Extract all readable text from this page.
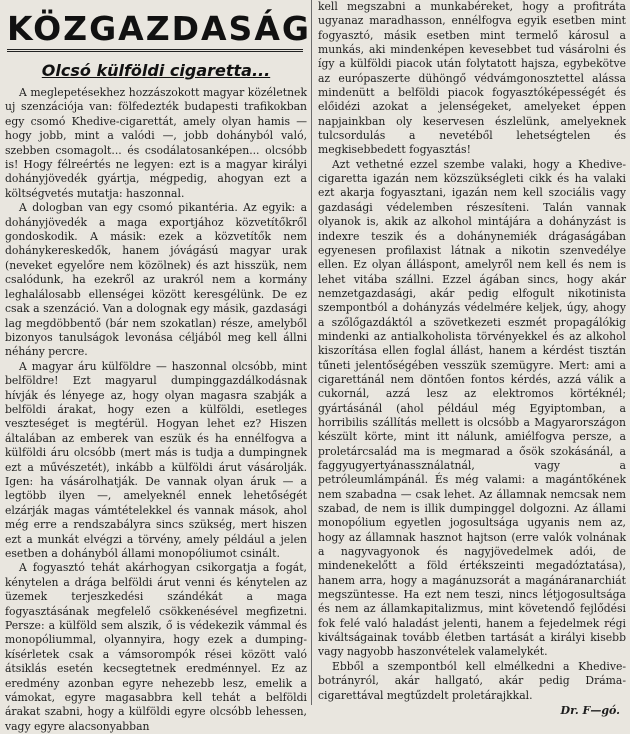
KÖZGAZDASÁG
Olcsó külföldi cigaretta...

A meglepetésekhez hozzászokott magyar közéletnek uj szenzációja van: fölfedezték budapesti trafikokban egy csomó Khedive-cigarettát, amely olyan hamis — hogy jobb, mint a valódi —, jobb dohányból való, szebben csomagolt... és csodálatosanképen... olcsóbb is! Hogy félreértés ne legyen: ezt is a magyar királyi dohányjövedék gyártja, mégpedig, ahogyan ezt a költségvetés mutatja: haszonnal.

A dologban van egy csomó pikantéria. Az egyik: a dohányjövedék a maga exportjához közvetítőkről gondoskodik. A másik: ezek a közvetítők nem dohánykereskedők, hanem jóvágású magyar urak (neveket egyelőre nem közölnek) és azt hisszük, nem csalódunk, ha ezekről az urakról nem a kormány leghalálosabb ellenségei között keresgélünk. De ez csak a szenzáció. Van a dolognak egy másik, gazdasági lag megdöbbentő (bár nem szokatlan) része, amelyből bizonyos tanulságok levonása céljából meg kell állni néhány percre.

A magyar áru külföldre — haszonnal olcsóbb, mint belföldre! Ezt magyarul dumpinggazdálkodásnak hívják és lényege az, hogy olyan magasra szabják a belföldi árakat, hogy ezen a külföldi, esetleges veszteséget is megtérül. Hogyan lehet ez? Hiszen általában az emberek van eszük és ha ennélfogva a külföldi áru olcsóbb (mert más is tudja a dumpingnek ezt a művészetét), inkább a külföldi árut vásárolják. Igen: ha vásárolhatják. De vannak olyan áruk — a legtöbb ilyen —, amelyeknél ennek lehetőségét elzárják magas vámtételekkel és vannak mások, ahol még erre a rendszabályra sincs szükség, mert hiszen ezt a munkát elvégzi a törvény, amely például a jelen esetben a dohányból állami monopóliumot csinált.

A fogyasztó tehát akárhogyan csikorgatja a fogát, kénytelen a drága belföldi árut venni és kénytelen az üzemek terjeszkedési szándékát a maga fogyasztásának megfelelő csökkenésével megfizetni. Persze: a külföld sem alszik, ő is védekezik vámmal és monopóliummal, olyannyira, hogy ezek a dumping-kísérletek csak a vámsorompók rései között való átsiklás esetén kecsegtetnek eredménnyel. Ez az eredmény azonban egyre nehezebb lesz, emelik a vámokat, egyre magasabbra kell tehát a belföldi árakat szabni, hogy a külföldi egyre olcsóbb lehessen, vagy egyre alacsonyabban

kell megszabni a munkabéreket, hogy a profitráta ugyanaz maradhasson, ennélfogva egyik esetben mint fogyasztó, másik esetben mint termelő károsul a munkás, aki mindenképen kevesebbet tud vásárolni és így a külföldi piacok után folytatott hajsza, egybekötve az európaszerte dühöngő védvámgonosztettel alássa mindenütt a belföldi piacok fogyasztóképességét és előidézi azokat a jelenségeket, amelyeket éppen napjainkban oly keservesen észlelünk, amelyeknek tulcsordulás a nevetéből lehetségtelen és megkisebbedett fogyasztás!

Azt vethetné ezzel szembe valaki, hogy a Khedive-cigaretta igazán nem közszükségleti cikk és ha valaki ezt akarja fogyasztani, igazán nem kell szociális vagy gazdasági védelemben részesíteni. Talán vannak olyanok is, akik az alkohol mintájára a dohányzást is indexre teszik és a dohánynemiék drágaságában egyenesen profilaxist látnak a nikotin szenvedélye ellen. Ez olyan álláspont, amelyről nem kell és nem is lehet vitába szállni. Ezzel ágában sincs, hogy akár nemzetgazdasági, akár pedig elfogult nikotinista szempontból a dohányzás védelmére keljek, úgy, ahogy a szőlőgazdáktól a szövetkezeti eszmét propagálókig mindenki az antialkoholista törvényekkel és az alkohol kiszorítása ellen foglal állást, hanem a kérdést tisztán tűneti jelentőségében vesszük szemügyre. Mert: ami a cigarettánál nem döntően fontos kérdés, azzá válik a cukornál, azzá lesz az elektromos körtéknél; gyártásánál (ahol például még Egyiptomban, a horribilis szállítás mellett is olcsóbb a Magyarországon készült körte, mint itt nálunk, amiélfogva persze, a proletárcsalád ma is megmarad a ősök szokásánál, a faggyugyertyánassználatnál, vagy a petróleumlámpánál. És még valami: a magántőkének nem szabadna — csak lehet. Az államnak nemcsak nem szabad, de nem is illik dumpinggel dolgozni. Az állami monopólium egyetlen jogosultsága ugyanis nem az, hogy az államnak hasznot hajtson (erre valók volnának a nagyvagyonok és nagyjövedelmek adói, de mindenekelőtt a föld értékszeinti megadóztatása), hanem arra, hogy a magánuzsorát a magánáranarchiát megszüntesse. Ha ezt nem teszi, nincs létjogosultsága és nem az államkapitalizmus, mint követendő fejlődési fok felé való haladást jelenti, hanem a fejedelmek régi kiváltságainak tovább életben tartását a királyi kisebb vagy nagyobb haszonvételek valamelykét.

Ebből a szempontból kell elmélkedni a Khedive-botrányról, akár hallgató, akár pedig Dráma-cigarettával megtűzdelt proletárajkkal.

Dr. F—gó.
